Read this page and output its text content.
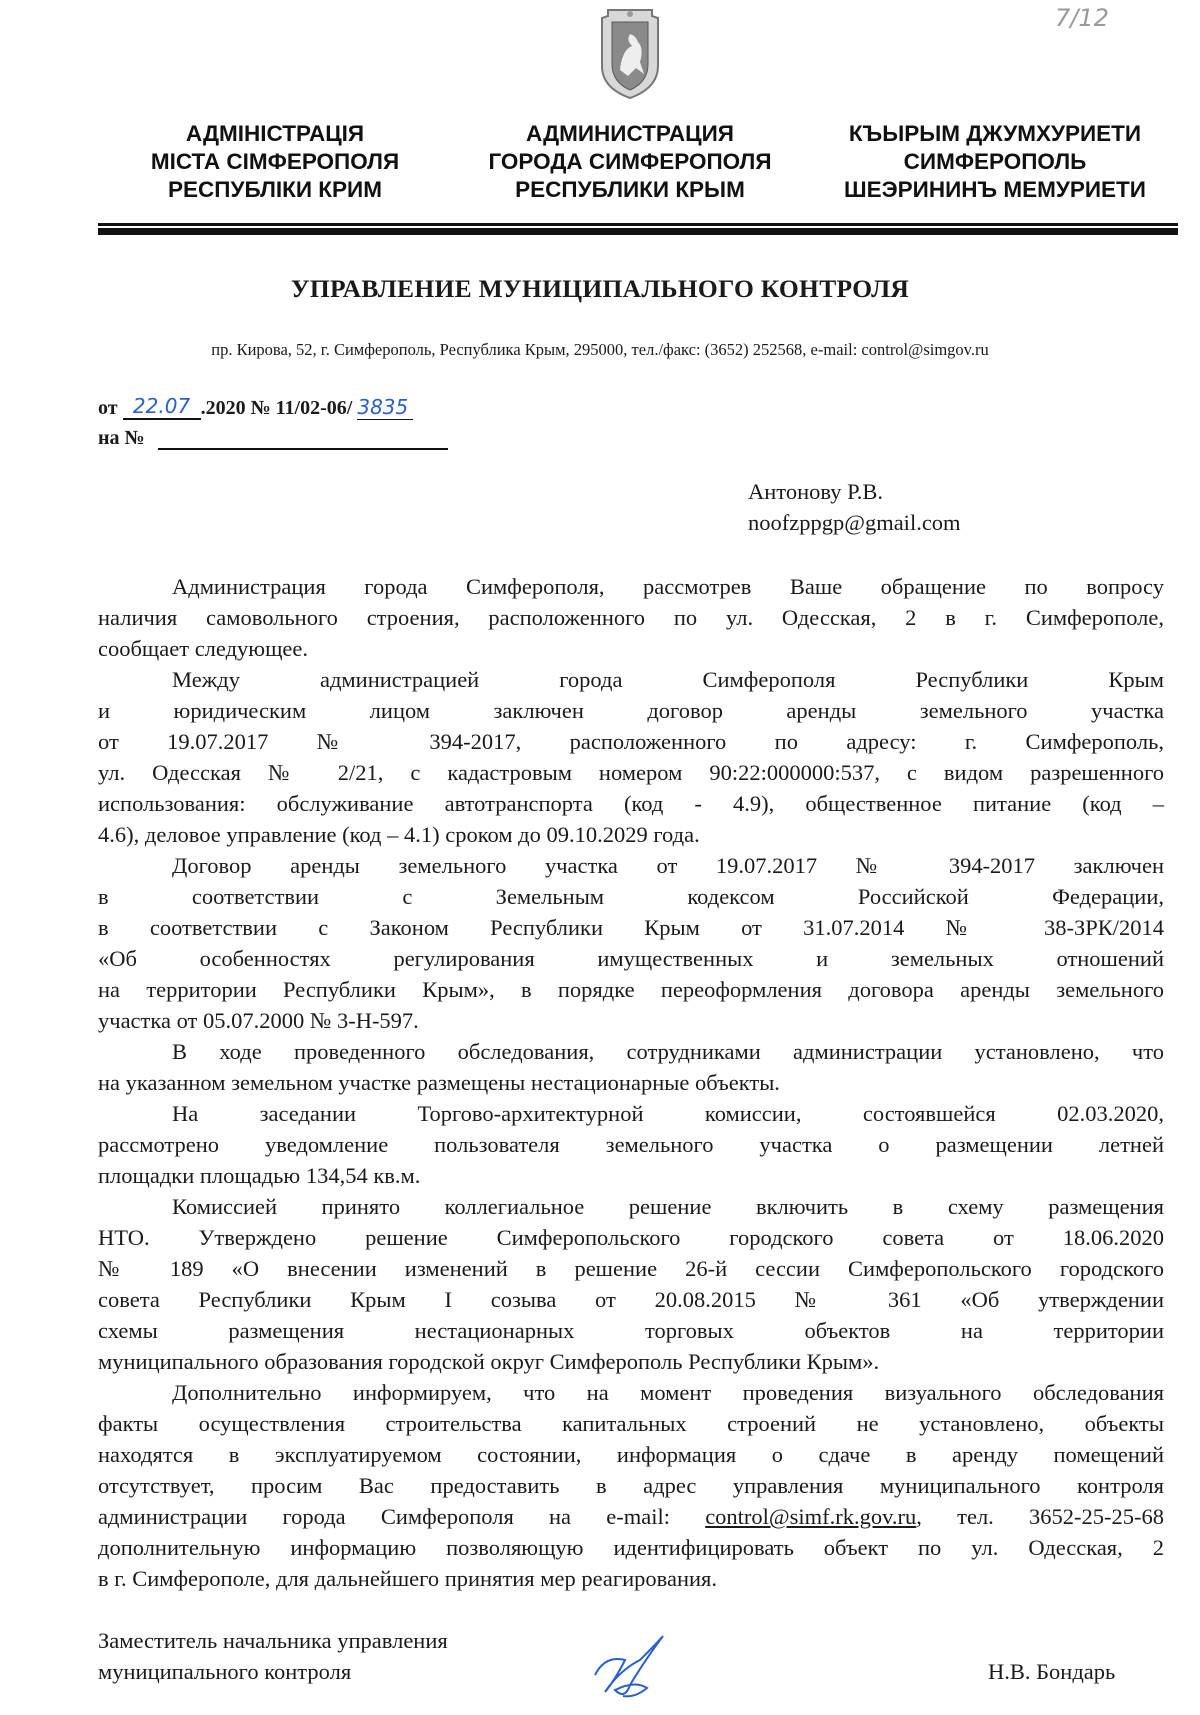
7/12
АДМІНІСТРАЦІЯ
МІСТА СІМФЕРОПОЛЯ
РЕСПУБЛІКИ КРИМ
АДМИНИСТРАЦИЯ
ГОРОДА СИМФЕРОПОЛЯ
РЕСПУБЛИКИ КРЫМ
КЪЫРЫМ ДЖУМХУРИЕТИ
СИМФЕРОПОЛЬ
ШЕЭРИНИНЪ МЕМУРИЕТИ
УПРАВЛЕНИЕ МУНИЦИПАЛЬНОГО КОНТРОЛЯ
пр. Кирова, 52, г. Симферополь, Республика Крым, 295000, тел./факс: (3652) 252568, e-mail: control@simgov.ru
от 22.07 .2020 № 11/02-06/ 3835
на №
Антонову Р.В.
noofzppgp@gmail.com
Администрация города Симферополя, рассмотрев Ваше обращение по вопросу
наличия самовольного строения, расположенного по ул. Одесская, 2 в г. Симферополе,
сообщает следующее.
Между администрацией города Симферополя Республики Крым
и юридическим лицом заключен договор аренды земельного участка
от 19.07.2017 № 394-2017, расположенного по адресу: г. Симферополь,
ул. Одесская № 2/21, с кадастровым номером 90:22:000000:537, с видом разрешенного
использования: обслуживание автотранспорта (код - 4.9), общественное питание (код –
4.6), деловое управление (код – 4.1) сроком до 09.10.2029 года.
Договор аренды земельного участка от 19.07.2017 № 394-2017 заключен
в соответствии с Земельным кодексом Российской Федерации,
в соответствии с Законом Республики Крым от 31.07.2014 № 38-ЗРК/2014
«Об особенностях регулирования имущественных и земельных отношений
на территории Республики Крым», в порядке переоформления договора аренды земельного
участка от 05.07.2000 № 3-Н-597.
В ходе проведенного обследования, сотрудниками администрации установлено, что
на указанном земельном участке размещены нестационарные объекты.
На заседании Торгово-архитектурной комиссии, состоявшейся 02.03.2020,
рассмотрено уведомление пользователя земельного участка о размещении летней
площадки площадью 134,54 кв.м.
Комиссией принято коллегиальное решение включить в схему размещения
НТО. Утверждено решение Симферопольского городского совета от 18.06.2020
№ 189 «О внесении изменений в решение 26-й сессии Симферопольского городского
совета Республики Крым I созыва от 20.08.2015 № 361 «Об утверждении
схемы размещения нестационарных торговых объектов на территории
муниципального образования городской округ Симферополь Республики Крым».
Дополнительно информируем, что на момент проведения визуального обследования
факты осуществления строительства капитальных строений не установлено, объекты
находятся в эксплуатируемом состоянии, информация о сдаче в аренду помещений
отсутствует, просим Вас предоставить в адрес управления муниципального контроля
администрации города Симферополя на e-mail: control@simf.rk.gov.ru, тел. 3652-25-25-68
дополнительную информацию позволяющую идентифицировать объект по ул. Одесская, 2
в г. Симферополе, для дальнейшего принятия мер реагирования.
Заместитель начальника управления
муниципального контроля	Н.В. Бондарь
